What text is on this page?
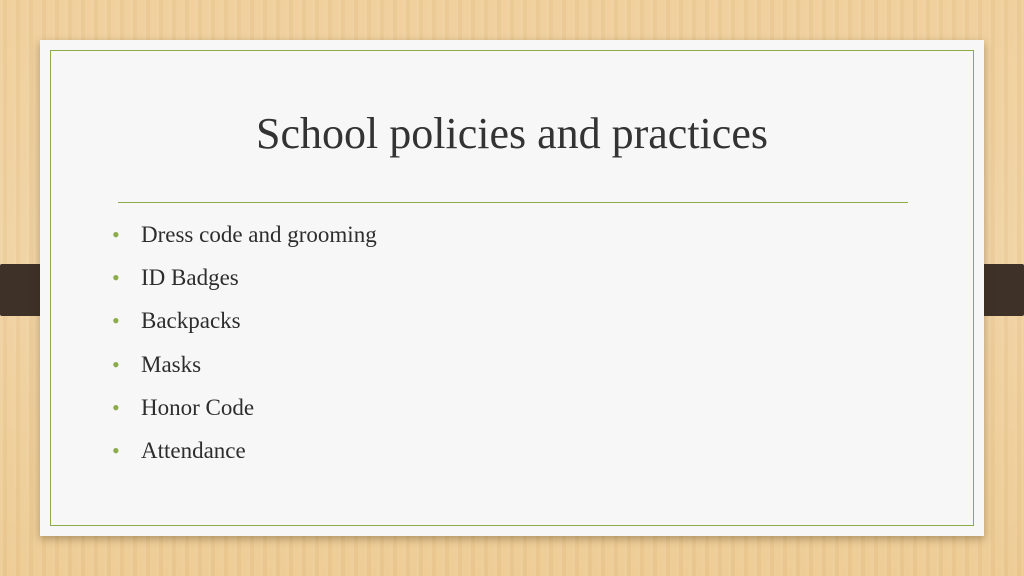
School policies and practices
• Dress code and grooming
• ID Badges
• Backpacks
• Masks
• Honor Code
• Attendance
